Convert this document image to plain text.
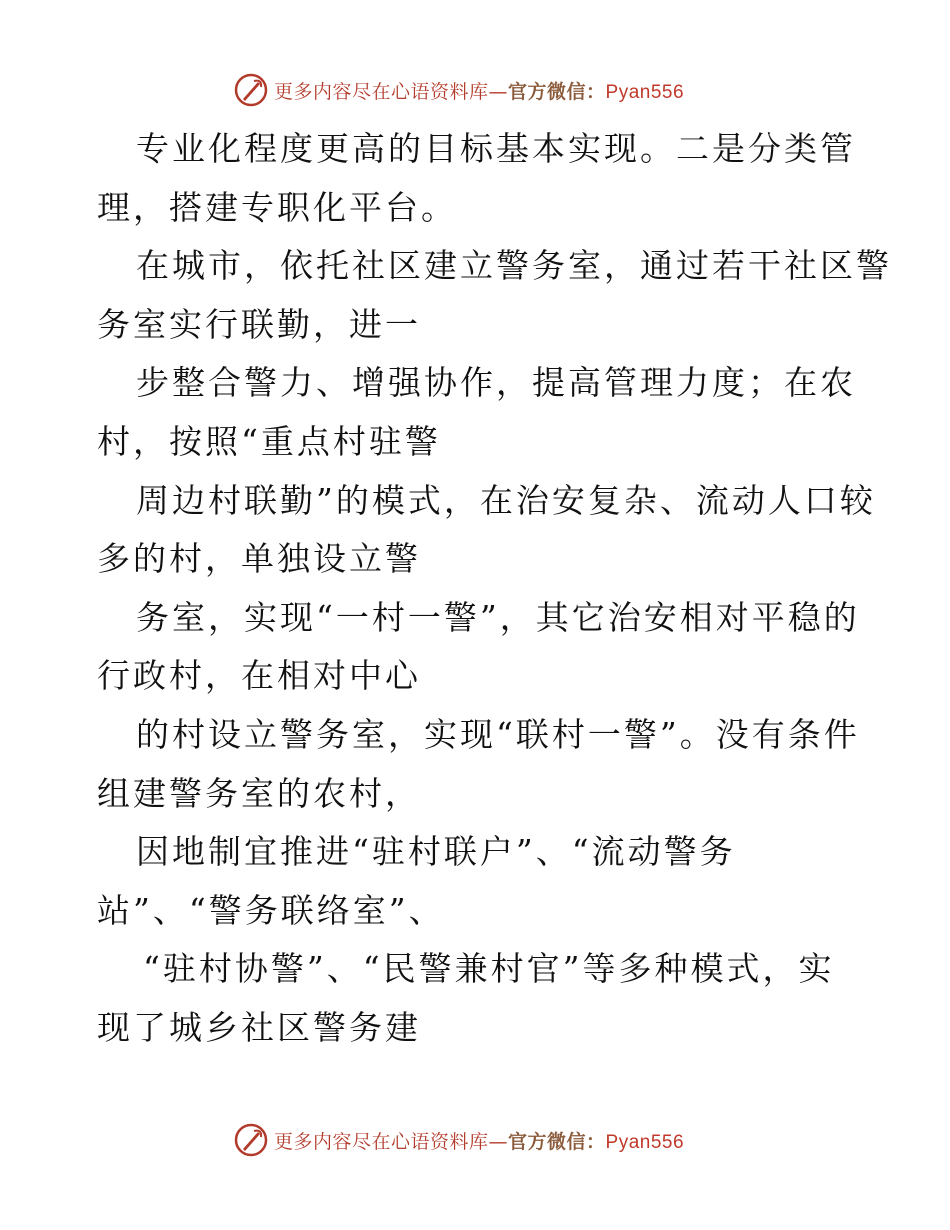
更多内容尽在心语资料库—官方微信：Pyan556
专业化程度更高的目标基本实现。二是分类管
理，搭建专职化平台。
在城市，依托社区建立警务室，通过若干社区警
务室实行联勤，进一
步整合警力、增强协作，提高管理力度；在农
村，按照“重点村驻警
周边村联勤”的模式，在治安复杂、流动人口较
多的村，单独设立警
务室，实现“一村一警”，其它治安相对平稳的
行政村，在相对中心
的村设立警务室，实现“联村一警”。没有条件
组建警务室的农村，
因地制宜推进“驻村联户”、“流动警务
站”、“警务联络室”、
“驻村协警”、“民警兼村官”等多种模式，实
现了城乡社区警务建
更多内容尽在心语资料库—官方微信：Pyan556
